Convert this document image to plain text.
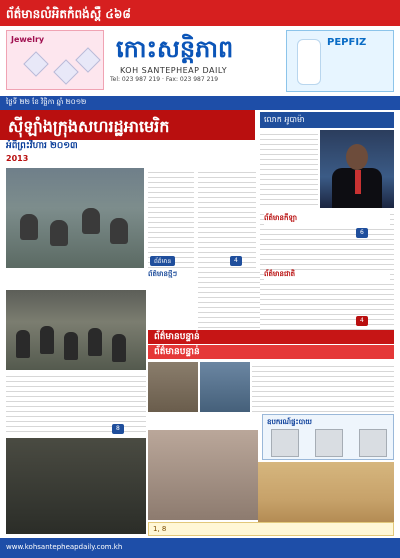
ព័ត៌មានលំអិតកំពង់ស្ពឺ ៤៦៨
Jewelry	កោះសន្តិភាព
KOH SANTEPHEAP DAILY
Tel: 023 987 219 · Fax: 023 987 219
PEPFIZ
ថ្ងៃទី ២២ ខែ វិច្ឆិកា ឆ្នាំ ២០១២
ស៊ីឡាំងក្រុងសហរដ្ឋអាមេរិក
អំពីព្រះវិហារ ២០១៣
2013
លោក អូបាម៉ា
ព័ត៌មាន	4
ព័ត៌មានថ្មីៗ
ព័ត៌មានកីឡា
ព័ត៌មានជាតិ
6
4
ព័ត៌មានបន្ទាន់
ព័ត៌មានបន្ទាន់
8
ឧបករណ៍ផ្ទះបាយ
1, 8
www.kohsantepheapdaily.com.kh
